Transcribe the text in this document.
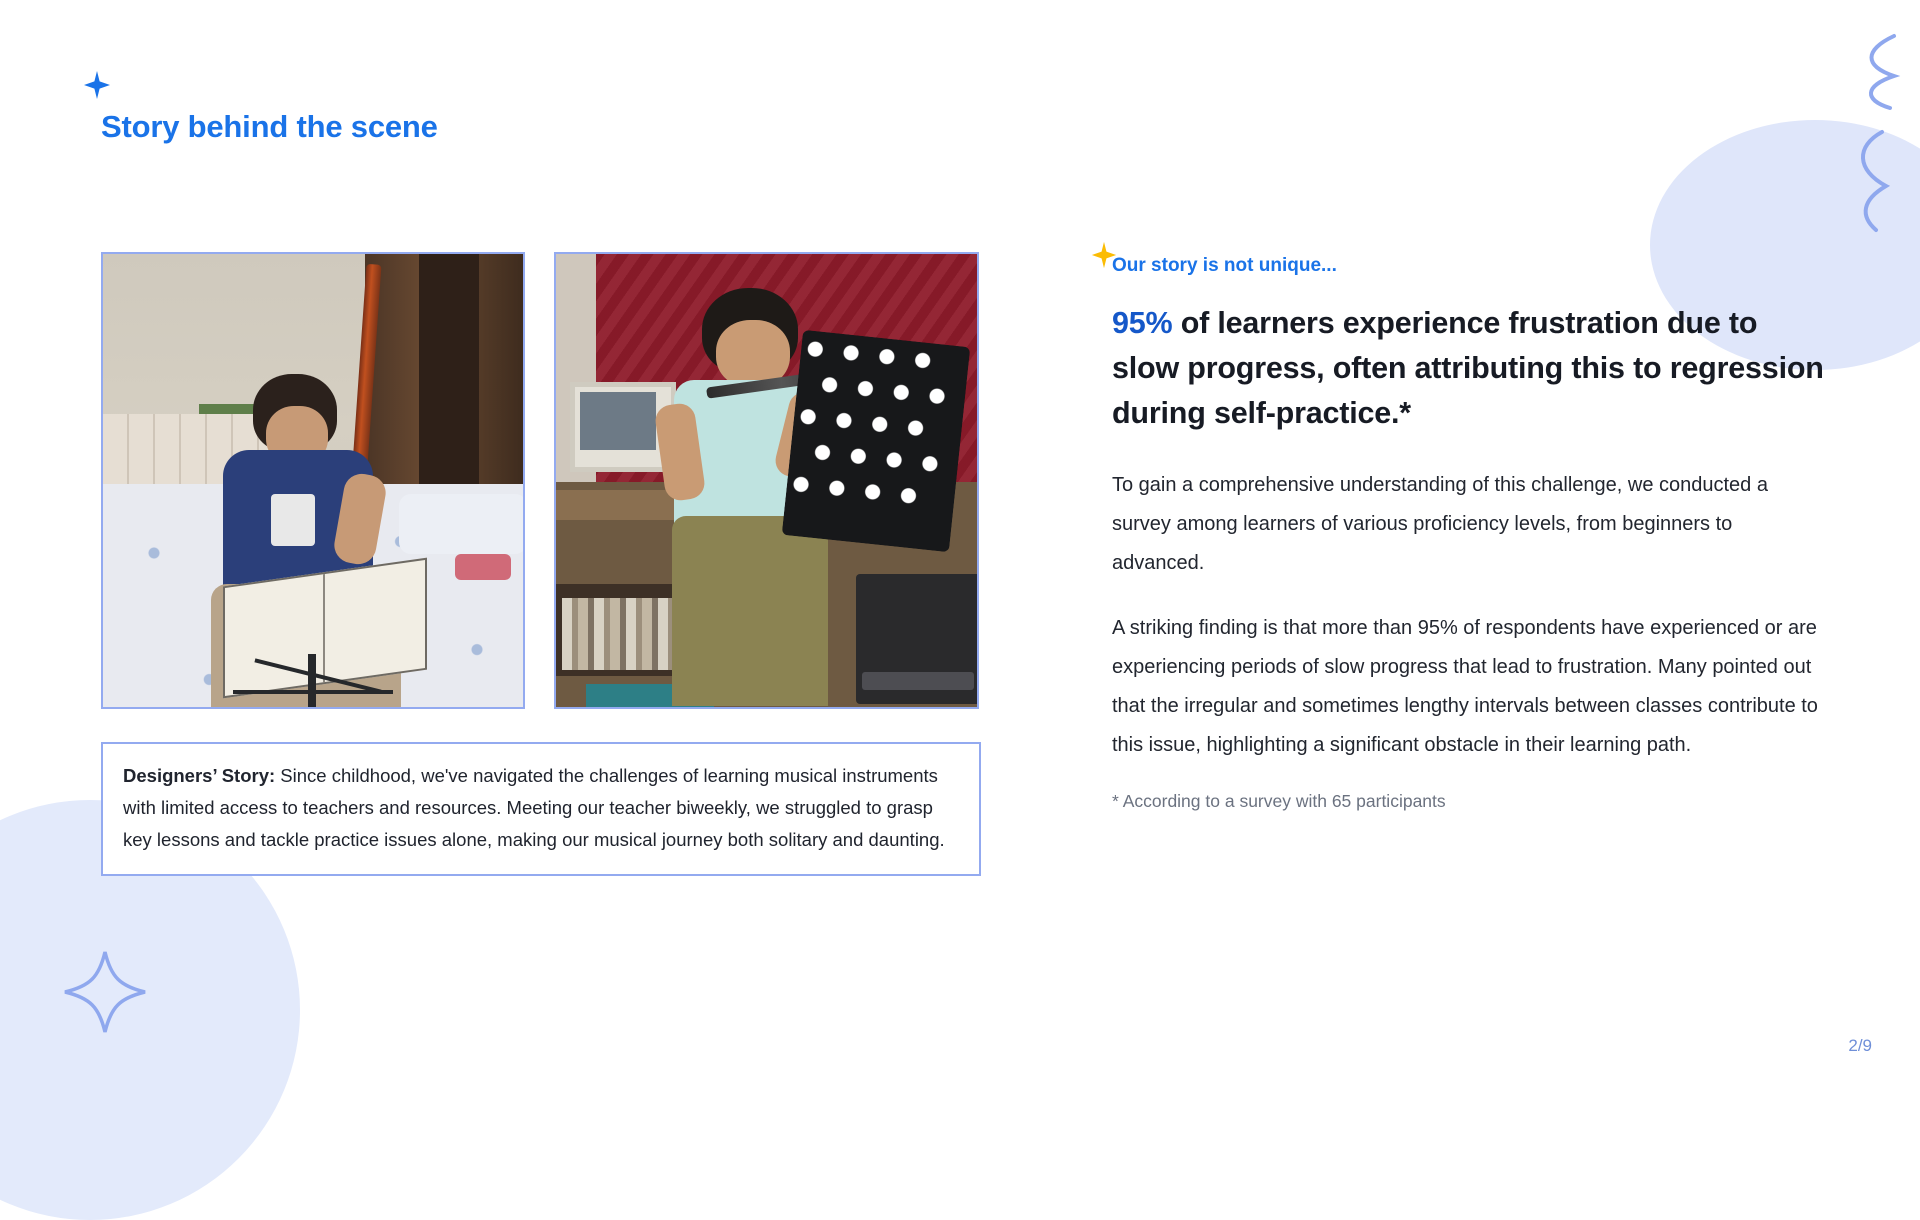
Story behind the scene

Designers’ Story: Since childhood, we've navigated the challenges of learning musical instruments with limited access to teachers and resources. Meeting our teacher biweekly, we struggled to grasp key lessons and tackle practice issues alone, making our musical journey both solitary and daunting.

Our story is not unique...
95% of learners experience frustration due to slow progress, often attributing this to regression during self-practice.*

To gain a comprehensive understanding of this challenge, we conducted a survey among learners of various proficiency levels, from beginners to advanced.

A striking finding is that more than 95% of respondents have experienced or are experiencing periods of slow progress that lead to frustration. Many pointed out that the irregular and sometimes lengthy intervals between classes contribute to this issue, highlighting a significant obstacle in their learning path.

* According to a survey with 65 participants

2/9
